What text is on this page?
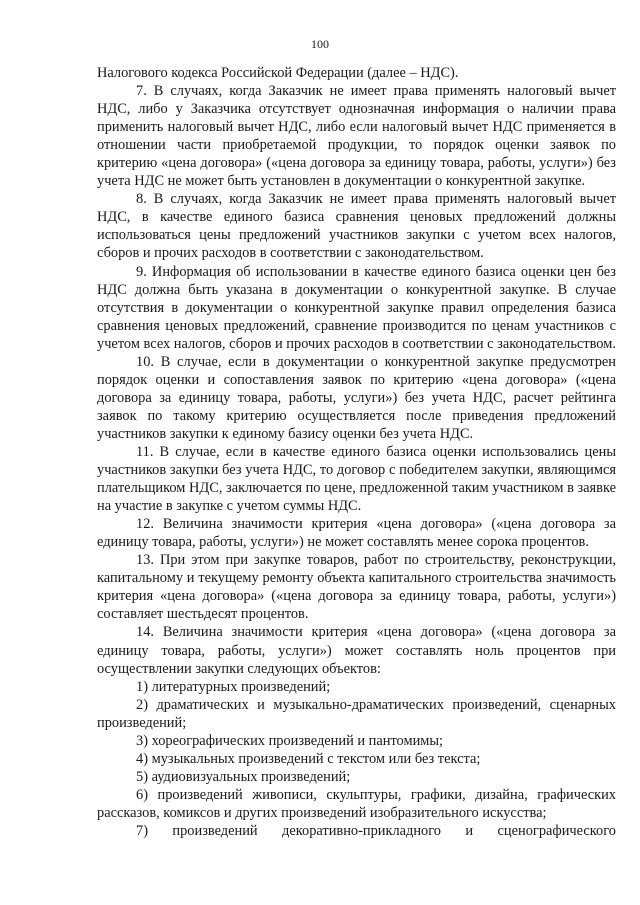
100

Налогового кодекса Российской Федерации (далее – НДС).

7. В случаях, когда Заказчик не имеет права применять налоговый вычет НДС, либо у Заказчика отсутствует однозначная информация о наличии права применить налоговый вычет НДС, либо если налоговый вычет НДС применяется в отношении части приобретаемой продукции, то порядок оценки заявок по критерию «цена договора» («цена договора за единицу товара, работы, услуги») без учета НДС не может быть установлен в документации о конкурентной закупке.

8. В случаях, когда Заказчик не имеет права применять налоговый вычет НДС, в качестве единого базиса сравнения ценовых предложений должны использоваться цены предложений участников закупки с учетом всех налогов, сборов и прочих расходов в соответствии с законодательством.

9. Информация об использовании в качестве единого базиса оценки цен без НДС должна быть указана в документации о конкурентной закупке. В случае отсутствия в документации о конкурентной закупке правил определения базиса сравнения ценовых предложений, сравнение производится по ценам участников с учетом всех налогов, сборов и прочих расходов в соответствии с законодательством.

10. В случае, если в документации о конкурентной закупке предусмотрен порядок оценки и сопоставления заявок по критерию «цена договора» («цена договора за единицу товара, работы, услуги») без учета НДС, расчет рейтинга заявок по такому критерию осуществляется после приведения предложений участников закупки к единому базису оценки без учета НДС.

11. В случае, если в качестве единого базиса оценки использовались цены участников закупки без учета НДС, то договор с победителем закупки, являющимся плательщиком НДС, заключается по цене, предложенной таким участником в заявке на участие в закупке с учетом суммы НДС.

12. Величина значимости критерия «цена договора» («цена договора за единицу товара, работы, услуги») не может составлять менее сорока процентов.

13. При этом при закупке товаров, работ по строительству, реконструкции, капитальному и текущему ремонту объекта капитального строительства значимость критерия «цена договора» («цена договора за единицу товара, работы, услуги») составляет шестьдесят процентов.

14. Величина значимости критерия «цена договора» («цена договора за единицу товара, работы, услуги») может составлять ноль процентов при осуществлении закупки следующих объектов:

1) литературных произведений;

2) драматических и музыкально-драматических произведений, сценарных произведений;

3) хореографических произведений и пантомимы;

4) музыкальных произведений с текстом или без текста;

5) аудиовизуальных произведений;

6) произведений живописи, скульптуры, графики, дизайна, графических рассказов, комиксов и других произведений изобразительного искусства;

7) произведений декоративно-прикладного и сценографического
